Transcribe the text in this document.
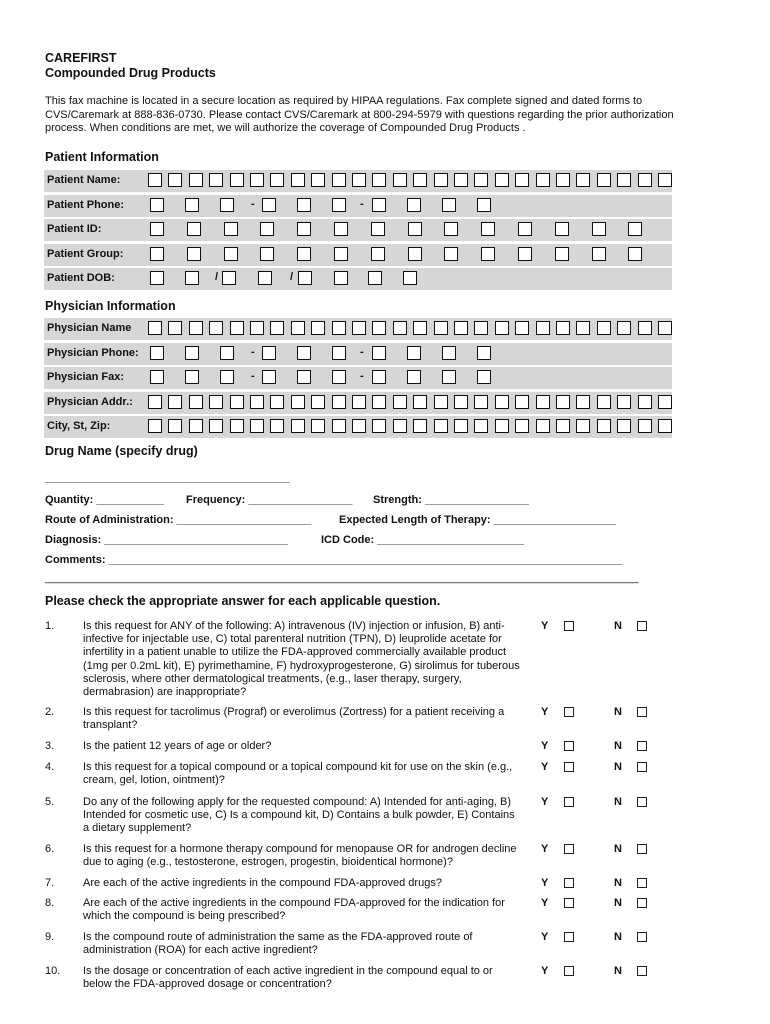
CAREFIRST
Compounded Drug Products
This fax machine is located in a secure location as required by HIPAA regulations. Fax complete signed and dated forms to CVS/Caremark at 888-836-0730. Please contact CVS/Caremark at 800-294-5979 with questions regarding the prior authorization process. When conditions are met, we will authorize the coverage of Compounded Drug Products .
Patient Information
Patient Name:
Patient Phone:	-	-
Patient ID:
Patient Group:
Patient DOB:	/	/
Physician Information
Physician Name
Physician Phone:	-	-
Physician Fax:	-	-
Physician Addr.:
City, St, Zip:
Drug Name (specify drug)
________________________________________
Quantity: ___________ Frequency: _________________ Strength: _________________
Route of Administration: ______________________	Expected Length of Therapy: ____________________
Diagnosis: ______________________________	ICD Code: ________________________
Comments: ____________________________________________________________________________________
_________________________________________________________________________________________________
Please check the appropriate answer for each applicable question.
1.	Is this request for ANY of the following: A) intravenous (IV) injection or infusion, B) anti-infective for injectable use, C) total parenteral nutrition (TPN), D) leuprolide acetate for infertility in a patient unable to utilize the FDA-approved commercially available product (1mg per 0.2mL kit), E) pyrimethamine, F) hydroxyprogesterone, G) sirolimus for tuberous sclerosis, where other dermatological treatments, (e.g., laser therapy, surgery, dermabrasion) are inappropriate?
Y	N
2.	Is this request for tacrolimus (Prograf) or everolimus (Zortress) for a patient receiving a transplant?
Y	N
3.	Is the patient 12 years of age or older?	Y	N
4.	Is this request for a topical compound or a topical compound kit for use on the skin (e.g., cream, gel, lotion, ointment)?
Y	N
5.	Do any of the following apply for the requested compound: A) Intended for anti-aging, B) Intended for cosmetic use, C) Is a compound kit, D) Contains a bulk powder, E) Contains a dietary supplement?
Y	N
6.	Is this request for a hormone therapy compound for menopause OR for androgen decline due to aging (e.g., testosterone, estrogen, progestin, bioidentical hormone)?
Y	N
7.	Are each of the active ingredients in the compound FDA-approved drugs?	Y	N
8.	Are each of the active ingredients in the compound FDA-approved for the indication for which the compound is being prescribed?
Y	N
9.	Is the compound route of administration the same as the FDA-approved route of administration (ROA) for each active ingredient?
Y	N
10. Is the dosage or concentration of each active ingredient in the compound equal to or below the FDA-approved dosage or concentration?
Y	N
